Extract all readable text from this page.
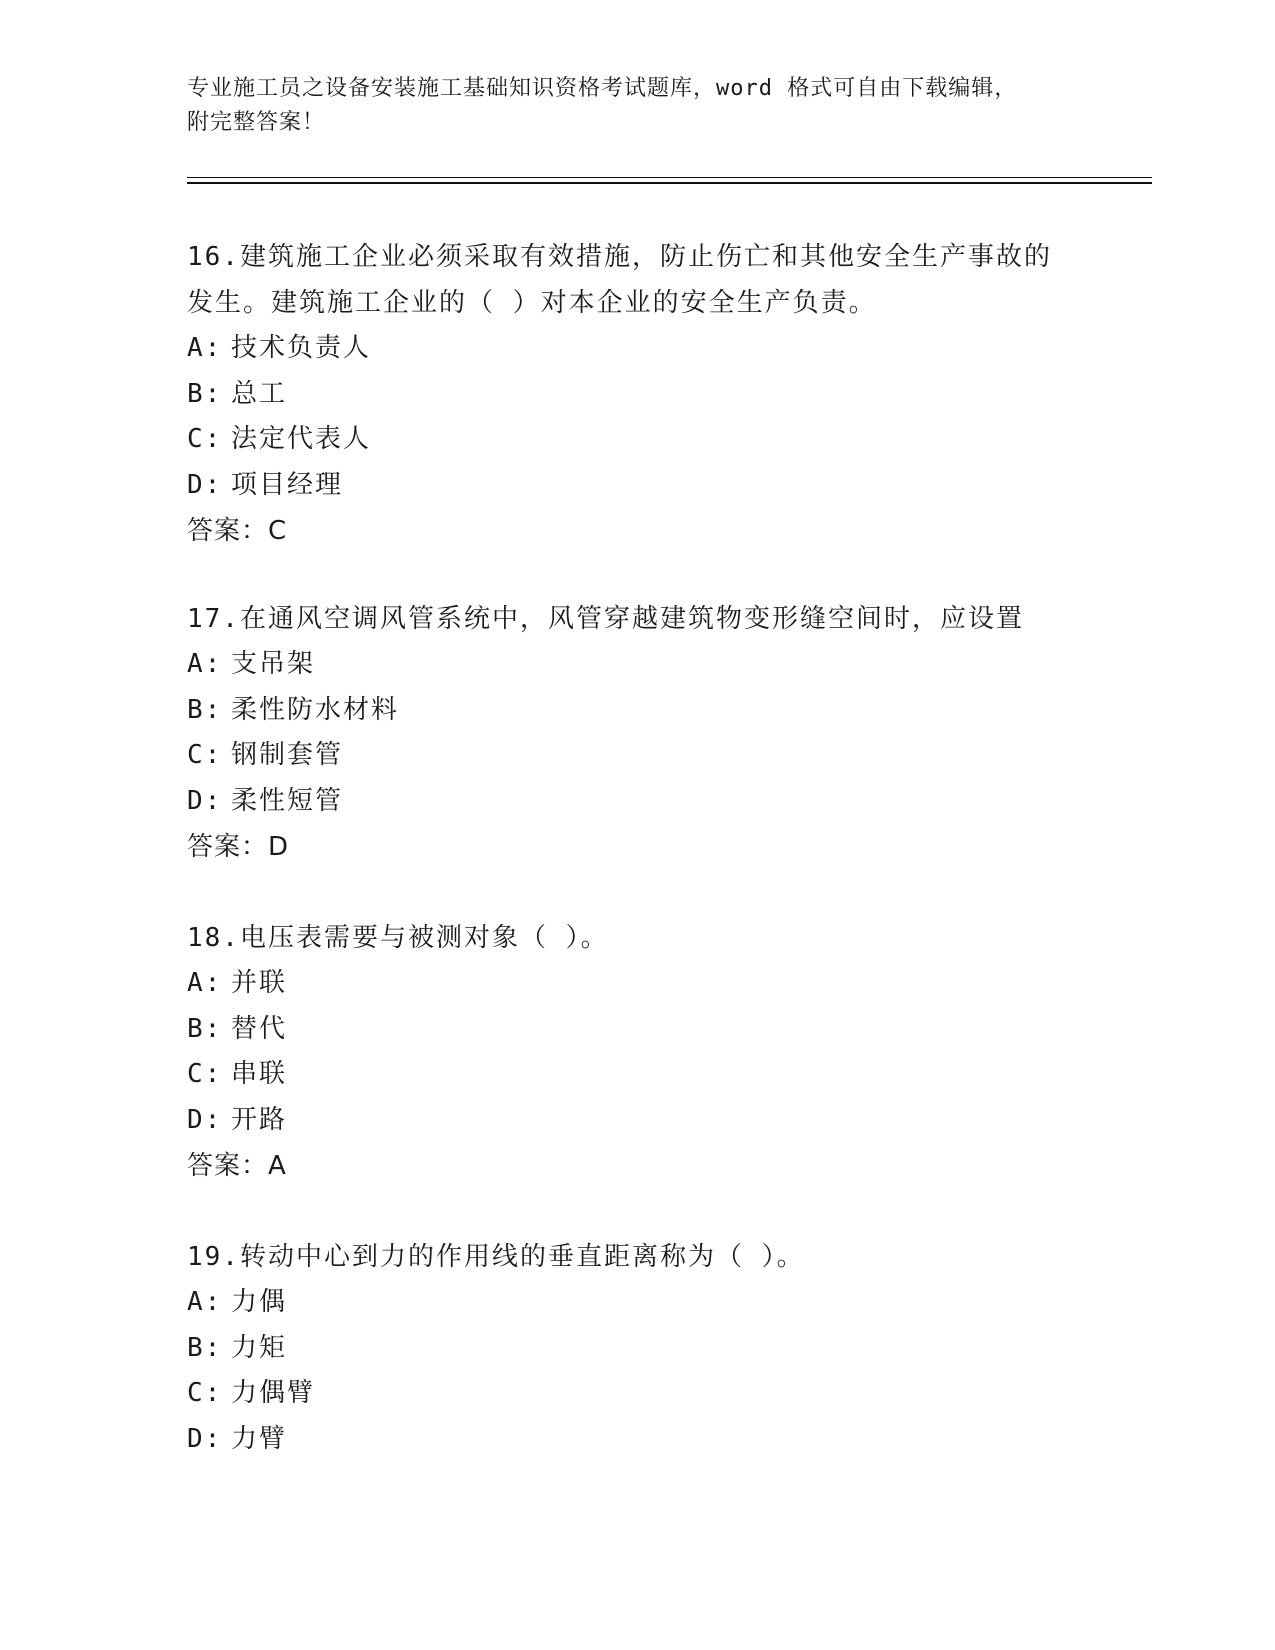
专业施工员之设备安装施工基础知识资格考试题库，word 格式可自由下载编辑，
附完整答案！

16.建筑施工企业必须采取有效措施，防止伤亡和其他安全生产事故的

发生。建筑施工企业的（ ）对本企业的安全生产负责。

A: 技术负责人

B: 总工

C: 法定代表人

D: 项目经理

答案：C

17.在通风空调风管系统中，风管穿越建筑物变形缝空间时，应设置

A: 支吊架

B: 柔性防水材料

C: 钢制套管

D: 柔性短管

答案：D

18.电压表需要与被测对象（ ）。

A: 并联

B: 替代

C: 串联

D: 开路

答案：A

19.转动中心到力的作用线的垂直距离称为（ ）。

A: 力偶

B: 力矩

C: 力偶臂

D: 力臂
